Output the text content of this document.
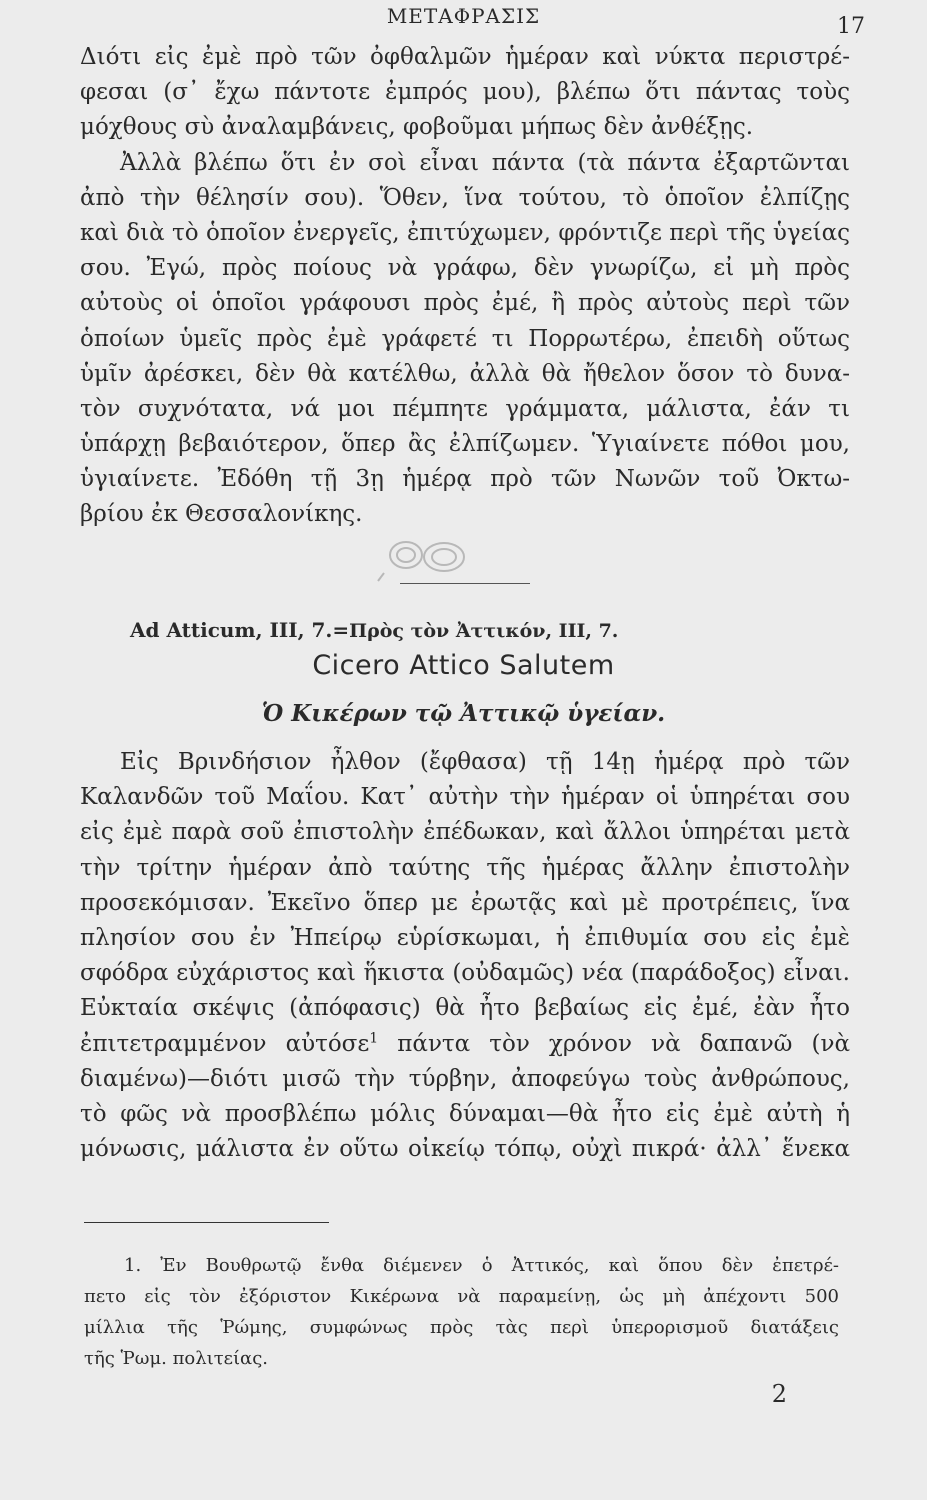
ΜΕΤΑΦΡΑΣΙΣ	17
Διότι εἰς ἐμὲ πρὸ τῶν ὀφθαλμῶν ἡμέραν καὶ νύκτα περιστρέ-
φεσαι (σ᾽ ἔχω πάντοτε ἐμπρός μου), βλέπω ὅτι πάντας τοὺς
μόχθους σὺ ἀναλαμβάνεις, φοβοῦμαι μήπως δὲν ἀνθέξῃς.
Ἀλλὰ βλέπω ὅτι ἐν σοὶ εἶναι πάντα (τὰ πάντα ἐξαρτῶνται
ἀπὸ τὴν θέλησίν σου). Ὅθεν, ἵνα τούτου, τὸ ὁποῖον ἐλπίζῃς
καὶ διὰ τὸ ὁποῖον ἐνεργεῖς, ἐπιτύχωμεν, φρόντιζε περὶ τῆς ὑγείας
σου. Ἐγώ, πρὸς ποίους νὰ γράφω, δὲν γνωρίζω, εἰ μὴ πρὸς
αὐτοὺς οἱ ὁποῖοι γράφουσι πρὸς ἐμέ, ἢ πρὸς αὐτοὺς περὶ τῶν
ὁποίων ὑμεῖς πρὸς ἐμὲ γράφετέ τι Πορρωτέρω, ἐπειδὴ οὕτως
ὑμῖν ἀρέσκει, δὲν θὰ κατέλθω, ἀλλὰ θὰ ἤθελον ὅσον τὸ δυνα-
τὸν συχνότατα, νά μοι πέμπητε γράμματα, μάλιστα, ἐάν τι
ὑπάρχῃ βεβαιότερον, ὅπερ ἂς ἐλπίζωμεν. Ὑγιαίνετε πόθοι μου,
ὑγιαίνετε. Ἐδόθη τῇ 3ῃ ἡμέρᾳ πρὸ τῶν Νωνῶν τοῦ Ὀκτω-
βρίου ἐκ Θεσσαλονίκης.
Ad Atticum, III, 7.=Πρὸς τὸν Ἀττικόν, III, 7.
Cicero Attico Salutem
Ὁ Κικέρων τῷ Ἀττικῷ ὑγείαν.
Εἰς Βρινδήσιον ἦλθον (ἔφθασα) τῇ 14ῃ ἡμέρᾳ πρὸ τῶν
Καλανδῶν τοῦ Μαΐου. Κατ᾽ αὐτὴν τὴν ἡμέραν οἱ ὑπηρέται σου
εἰς ἐμὲ παρὰ σοῦ ἐπιστολὴν ἐπέδωκαν, καὶ ἄλλοι ὑπηρέται μετὰ
τὴν τρίτην ἡμέραν ἀπὸ ταύτης τῆς ἡμέρας ἄλλην ἐπιστολὴν
προσεκόμισαν. Ἐκεῖνο ὅπερ με ἐρωτᾷς καὶ μὲ προτρέπεις, ἵνα
πλησίον σου ἐν Ἠπείρῳ εὑρίσκωμαι, ἡ ἐπιθυμία σου εἰς ἐμὲ
σφόδρα εὐχάριστος καὶ ἥκιστα (οὐδαμῶς) νέα (παράδοξος) εἶναι.
Εὐκταία σκέψις (ἀπόφασις) θὰ ἦτο βεβαίως εἰς ἐμέ, ἐὰν ἦτο
ἐπιτετραμμένον αὐτόσε$^1$ πάντα τὸν χρόνον νὰ δαπανῶ (νὰ
διαμένω)—διότι μισῶ τὴν τύρβην, ἀποφεύγω τοὺς ἀνθρώπους,
τὸ φῶς νὰ προσβλέπω μόλις δύναμαι—θὰ ἦτο εἰς ἐμὲ αὐτὴ ἡ
μόνωσις, μάλιστα ἐν οὕτω οἰκείῳ τόπῳ, οὐχὶ πικρά· ἀλλ᾽ ἕνεκα
1. Ἐν Βουθρωτῷ ἔνθα διέμενεν ὁ Ἀττικός, καὶ ὅπου δὲν ἐπετρέ-
πετο εἰς τὸν ἐξόριστον Κικέρωνα νὰ παραμείνῃ, ὡς μὴ ἀπέχοντι 500
μίλλια τῆς Ῥώμης, συμφώνως πρὸς τὰς περὶ ὑπερορισμοῦ διατάξεις
τῆς Ῥωμ. πολιτείας.
2
